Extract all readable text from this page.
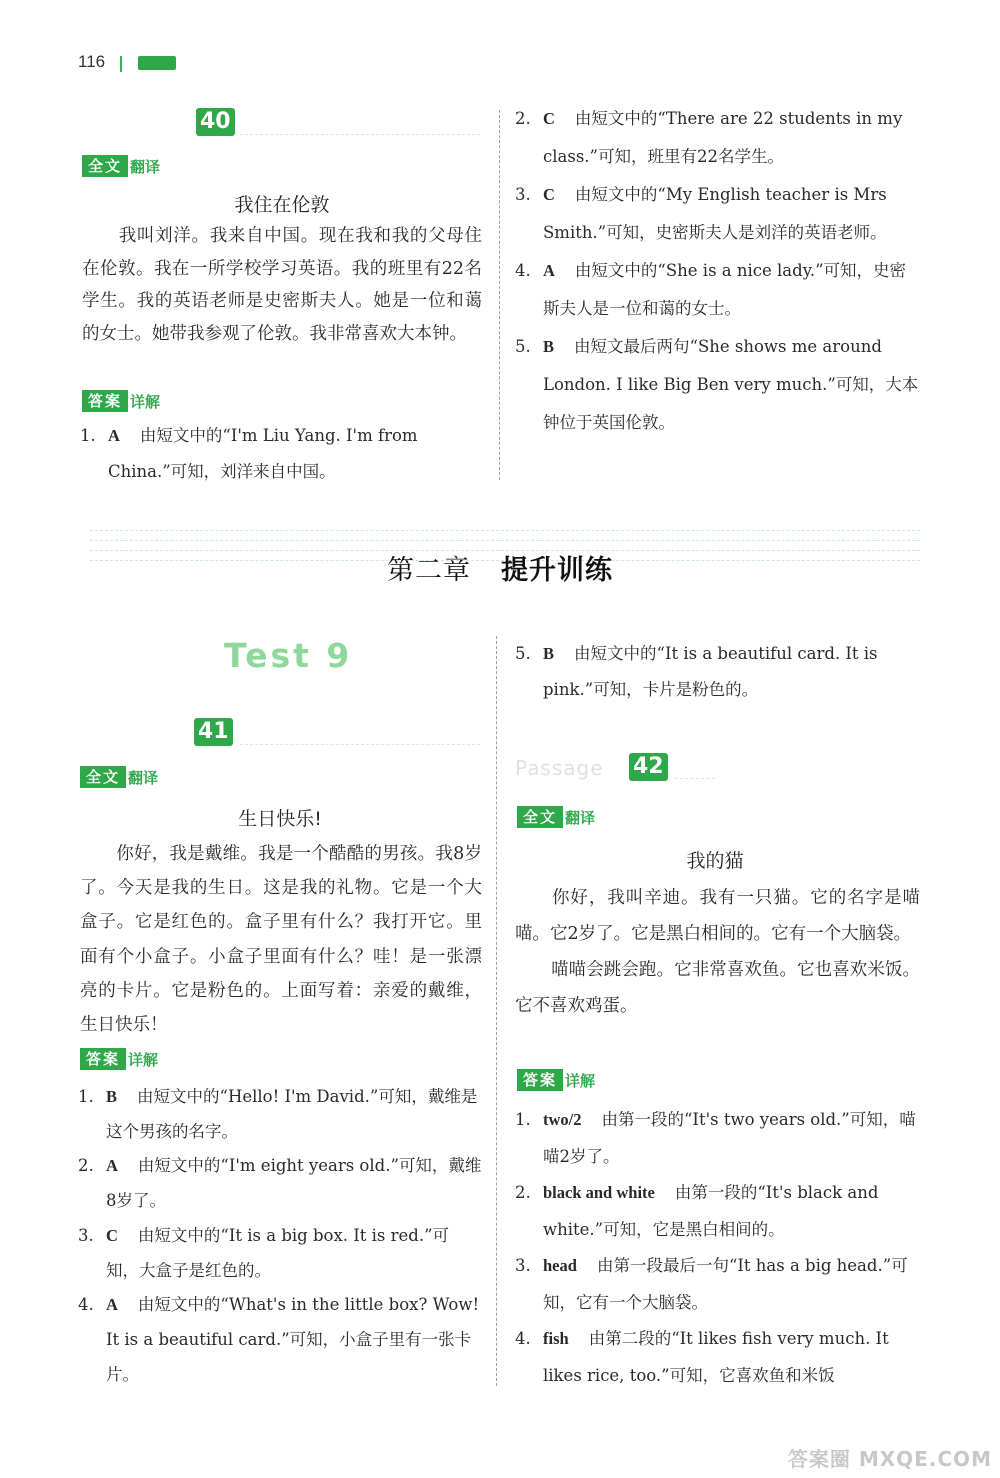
116
40
全文 翻译
我住在伦敦
我叫刘洋。我来自中国。现在我和我的父母住在伦敦。我在一所学校学习英语。我的班里有22名学生。我的英语老师是史密斯夫人。她是一位和蔼的女士。她带我参观了伦敦。我非常喜欢大本钟。
答案 详解
1. A 由短文中的“I'm Liu Yang. I'm from China.”可知，刘洋来自中国。
2. C 由短文中的“There are 22 students in my class.”可知，班里有22名学生。
3. C 由短文中的“My English teacher is Mrs Smith.”可知，史密斯夫人是刘洋的英语老师。
4. A 由短文中的“She is a nice lady.”可知，史密斯夫人是一位和蔼的女士。
5. B 由短文最后两句“She shows me around London. I like Big Ben very much.”可知，大本钟位于英国伦敦。
第二章 提升训练
Test 9
41
全文 翻译
生日快乐!
你好，我是戴维。我是一个酷酷的男孩。我8岁了。今天是我的生日。这是我的礼物。它是一个大盒子。它是红色的。盒子里有什么？我打开它。里面有个小盒子。小盒子里面有什么？哇！是一张漂亮的卡片。它是粉色的。上面写着：亲爱的戴维，生日快乐！
答案 详解
1. B 由短文中的“Hello! I'm David.”可知，戴维是这个男孩的名字。
2. A 由短文中的“I'm eight years old.”可知，戴维8岁了。
3. C 由短文中的“It is a big box. It is red.”可知，大盒子是红色的。
4. A 由短文中的“What's in the little box? Wow! It is a beautiful card.”可知，小盒子里有一张卡片。
5. B 由短文中的“It is a beautiful card. It is pink.”可知，卡片是粉色的。
Passage 42
全文 翻译
我的猫
你好，我叫辛迪。我有一只猫。它的名字是喵喵。它2岁了。它是黑白相间的。它有一个大脑袋。
喵喵会跳会跑。它非常喜欢鱼。它也喜欢米饭。它不喜欢鸡蛋。
答案 详解
1. two/2 由第一段的“It's two years old.”可知，喵喵2岁了。
2. black and white 由第一段的“It's black and white.”可知，它是黑白相间的。
3. head 由第一段最后一句“It has a big head.”可知，它有一个大脑袋。
4. fish 由第二段的“It likes fish very much. It likes rice, too.”可知，它喜欢鱼和米饭
答案圈 MXQE.COM
